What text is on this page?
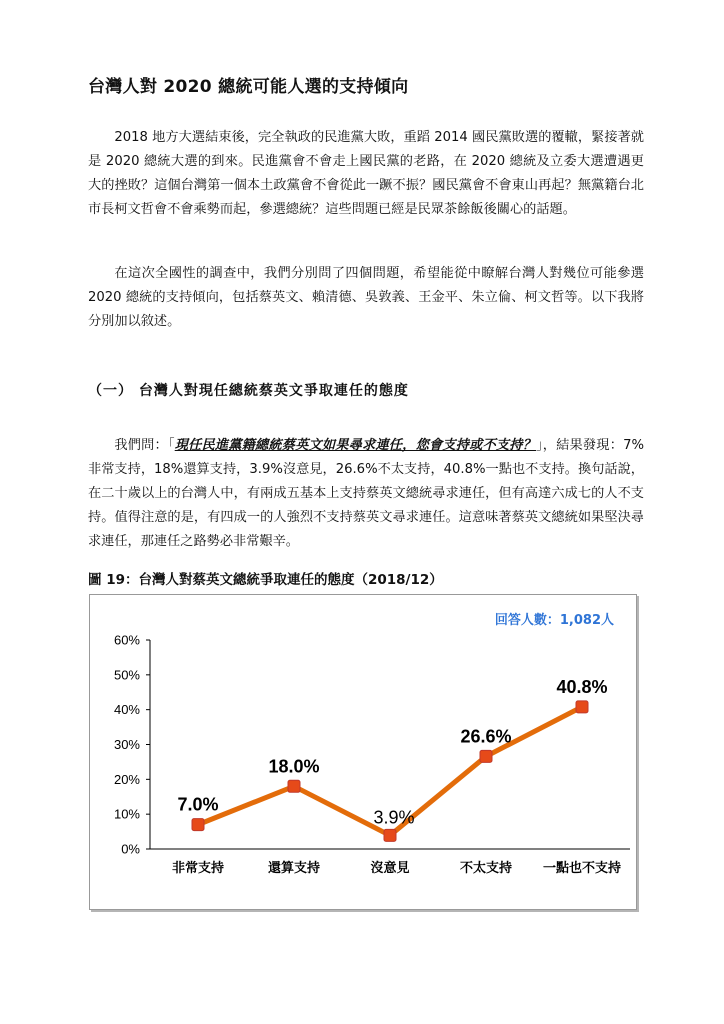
台灣人對 2020 總統可能人選的支持傾向

2018 地方大選結束後，完全執政的民進黨大敗，重蹈 2014 國民黨敗選的覆轍，緊接著就是 2020 總統大選的到來。民進黨會不會走上國民黨的老路，在 2020 總統及立委大選遭遇更大的挫敗？這個台灣第一個本土政黨會不會從此一蹶不振？國民黨會不會東山再起？無黨籍台北市長柯文哲會不會乘勢而起，參選總統？這些問題已經是民眾茶餘飯後關心的話題。

在這次全國性的調查中，我們分別問了四個問題，希望能從中瞭解台灣人對幾位可能參選 2020 總統的支持傾向，包括蔡英文、賴清德、吳敦義、王金平、朱立倫、柯文哲等。以下我將分別加以敘述。

（一） 台灣人對現任總統蔡英文爭取連任的態度

我們問：「現任民進黨籍總統蔡英文如果尋求連任，您會支持或不支持？」，結果發現：7%非常支持，18%還算支持，3.9%沒意見，26.6%不太支持，40.8%一點也不支持。換句話說，在二十歲以上的台灣人中，有兩成五基本上支持蔡英文總統尋求連任，但有高達六成七的人不支持。值得注意的是，有四成一的人強烈不支持蔡英文尋求連任。這意味著蔡英文總統如果堅決尋求連任，那連任之路勢必非常艱辛。

圖 19：台灣人對蔡英文總統爭取連任的態度（2018/12）
0%
10%
20%
30%
40%
50%
60%
非常支持	還算支持	沒意見	不太支持 一點也不支持
7.0%
18.0%
3.9%
26.6%
40.8%
回答人數：1,082人
